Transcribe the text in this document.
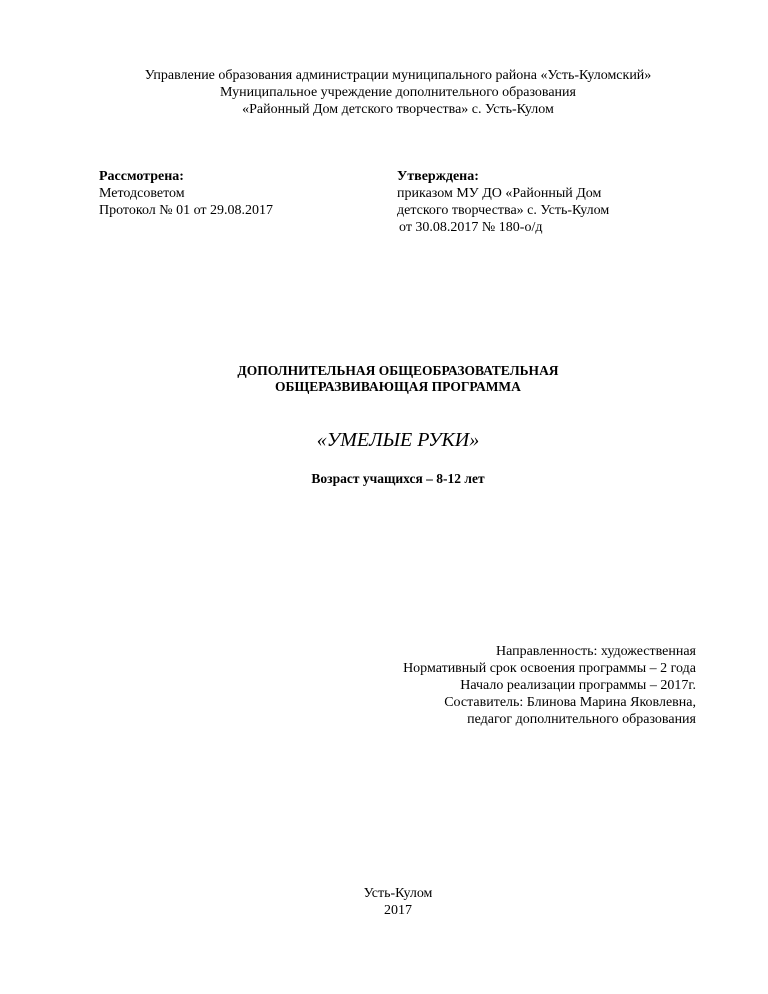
Управление образования администрации муниципального района «Усть-Куломский»
Муниципальное учреждение дополнительного образования
«Районный Дом детского творчества» с. Усть-Кулом
Рассмотрена:
Методсоветом
Протокол № 01 от 29.08.2017
Утверждена:
приказом МУ ДО «Районный Дом
детского творчества» с. Усть-Кулом
от 30.08.2017 № 180-о/д
ДОПОЛНИТЕЛЬНАЯ ОБЩЕОБРАЗОВАТЕЛЬНАЯ
ОБЩЕРАЗВИВАЮЩАЯ ПРОГРАММА
«УМЕЛЫЕ РУКИ»
Возраст учащихся – 8-12 лет
Направленность: художественная
Нормативный срок освоения программы – 2 года
Начало реализации программы – 2017г.
Составитель: Блинова Марина Яковлевна,
педагог дополнительного образования
Усть-Кулом
2017
